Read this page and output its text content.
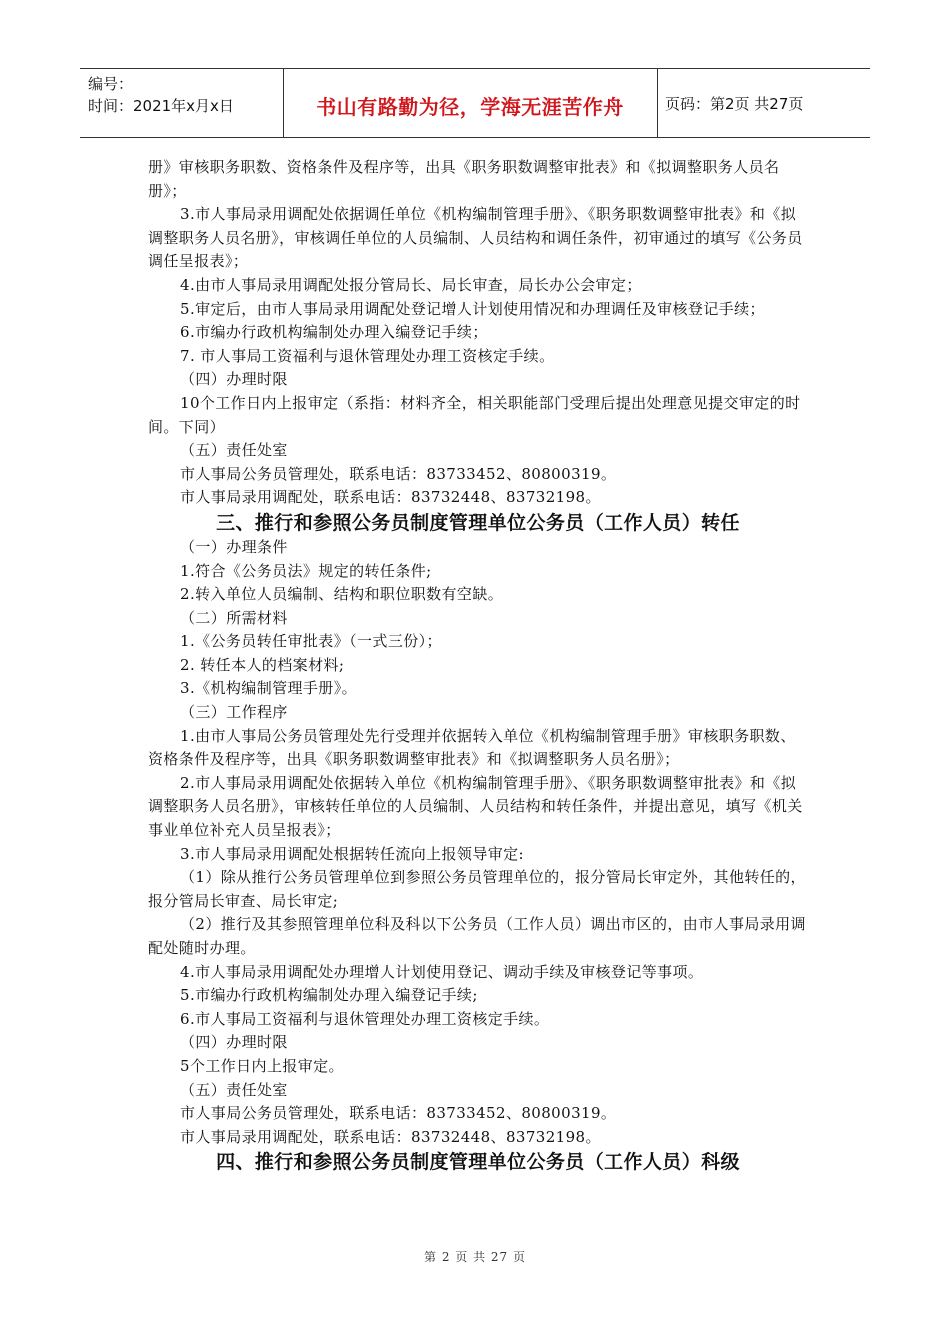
编号：
时间：2021年x月x日	书山有路勤为径，学海无涯苦作舟	页码：第2页 共27页

册》审核职务职数、资格条件及程序等，出具《职务职数调整审批表》和《拟调整职务人员名册》；

3.市人事局录用调配处依据调任单位《机构编制管理手册》、《职务职数调整审批表》和《拟调整职务人员名册》，审核调任单位的人员编制、人员结构和调任条件，初审通过的填写《公务员调任呈报表》；

4.由市人事局录用调配处报分管局长、局长审查，局长办公会审定；

5.审定后，由市人事局录用调配处登记增人计划使用情况和办理调任及审核登记手续；

6.市编办行政机构编制处办理入编登记手续；

7. 市人事局工资福利与退休管理处办理工资核定手续。

（四）办理时限

10个工作日内上报审定（系指：材料齐全，相关职能部门受理后提出处理意见提交审定的时间。下同）

（五）责任处室

市人事局公务员管理处，联系电话：83733452、80800319。

市人事局录用调配处，联系电话：83732448、83732198。

三、推行和参照公务员制度管理单位公务员（工作人员）转任

（一）办理条件

1.符合《公务员法》规定的转任条件;

2.转入单位人员编制、结构和职位职数有空缺。

（二）所需材料

1.《公务员转任审批表》（一式三份）；

2. 转任本人的档案材料;

3.《机构编制管理手册》。

（三）工作程序

1.由市人事局公务员管理处先行受理并依据转入单位《机构编制管理手册》审核职务职数、资格条件及程序等，出具《职务职数调整审批表》和《拟调整职务人员名册》；

2.市人事局录用调配处依据转入单位《机构编制管理手册》、《职务职数调整审批表》和《拟调整职务人员名册》，审核转任单位的人员编制、人员结构和转任条件，并提出意见，填写《机关事业单位补充人员呈报表》；

3.市人事局录用调配处根据转任流向上报领导审定:

（1）除从推行公务员管理单位到参照公务员管理单位的，报分管局长审定外，其他转任的，报分管局长审查、局长审定;

（2）推行及其参照管理单位科及科以下公务员（工作人员）调出市区的，由市人事局录用调配处随时办理。

4.市人事局录用调配处办理增人计划使用登记、调动手续及审核登记等事项。

5.市编办行政机构编制处办理入编登记手续;

6.市人事局工资福利与退休管理处办理工资核定手续。

（四）办理时限

5个工作日内上报审定。

（五）责任处室

市人事局公务员管理处，联系电话：83733452、80800319。

市人事局录用调配处，联系电话：83732448、83732198。

四、推行和参照公务员制度管理单位公务员（工作人员）科级

第 2 页 共 27 页
